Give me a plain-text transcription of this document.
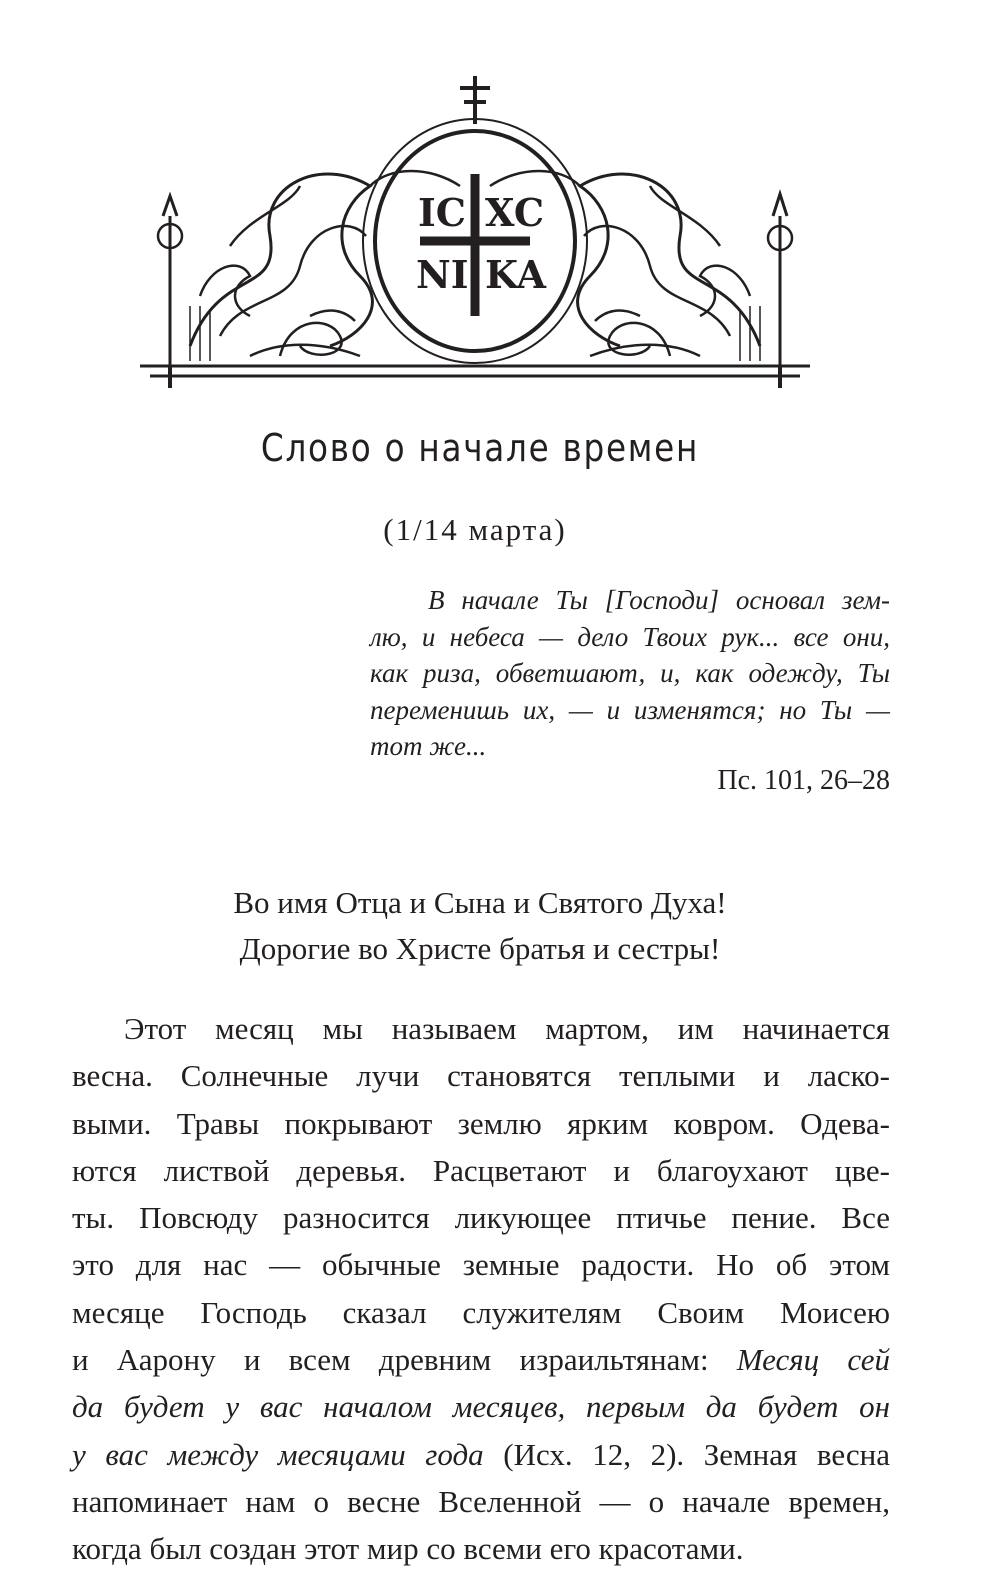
IC XC
NI KA
Слово о начале времен
(1/14 марта)
В начале Ты [Господи] основал зем-
лю, и небеса — дело Твоих рук... все они,
как риза, обветшают, и, как одежду, Ты
переменишь их, — и изменятся; но Ты —
тот же...
Пс. 101, 26–28
Во имя Отца и Сына и Святого Духа!
Дорогие во Христе братья и сестры!
Этот месяц мы называем мартом, им начинается
весна. Солнечные лучи становятся теплыми и ласко-
выми. Травы покрывают землю ярким ковром. Одева-
ются листвой деревья. Расцветают и благоухают цве-
ты. Повсюду разносится ликующее птичье пение. Все
это для нас — обычные земные радости. Но об этом
месяце Господь сказал служителям Своим Моисею
и Аарону и всем древним израильтянам: Месяц сей
да будет у вас началом месяцев, первым да будет он
у вас между месяцами года (Исх. 12, 2). Земная весна
напоминает нам о весне Вселенной — о начале времен,
когда был создан этот мир со всеми его красотами.
